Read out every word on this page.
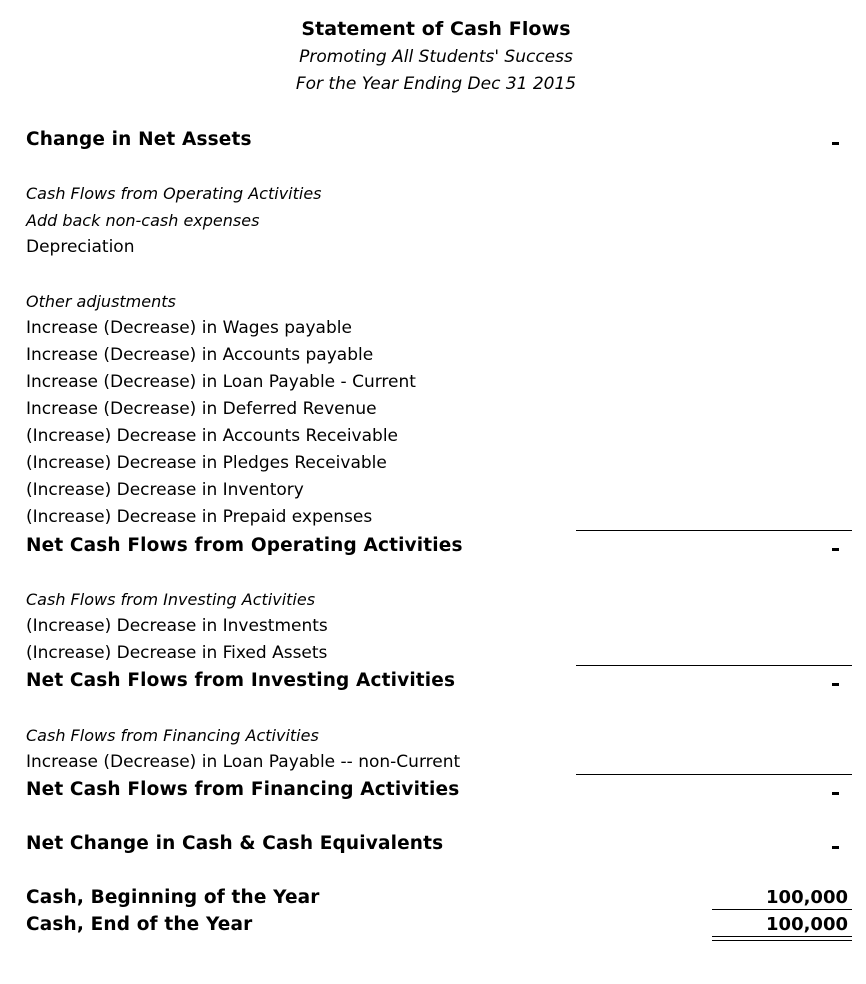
Statement of Cash Flows
Promoting All Students' Success
For the Year Ending Dec 31 2015
Change in Net Assets
Cash Flows from Operating Activities
Add back non-cash expenses
Depreciation
Other adjustments
Increase (Decrease) in Wages payable
Increase (Decrease) in Accounts payable
Increase (Decrease) in Loan Payable - Current
Increase (Decrease) in Deferred Revenue
(Increase) Decrease in Accounts Receivable
(Increase) Decrease in Pledges Receivable
(Increase) Decrease in Inventory
(Increase) Decrease in Prepaid expenses
Net Cash Flows from Operating Activities
Cash Flows from Investing Activities
(Increase) Decrease in Investments
(Increase) Decrease in Fixed Assets
Net Cash Flows from Investing Activities
Cash Flows from Financing Activities
Increase (Decrease) in Loan Payable -- non-Current
Net Cash Flows from Financing Activities
Net Change in Cash & Cash Equivalents
Cash, Beginning of the Year	100,000
Cash, End of the Year	100,000
